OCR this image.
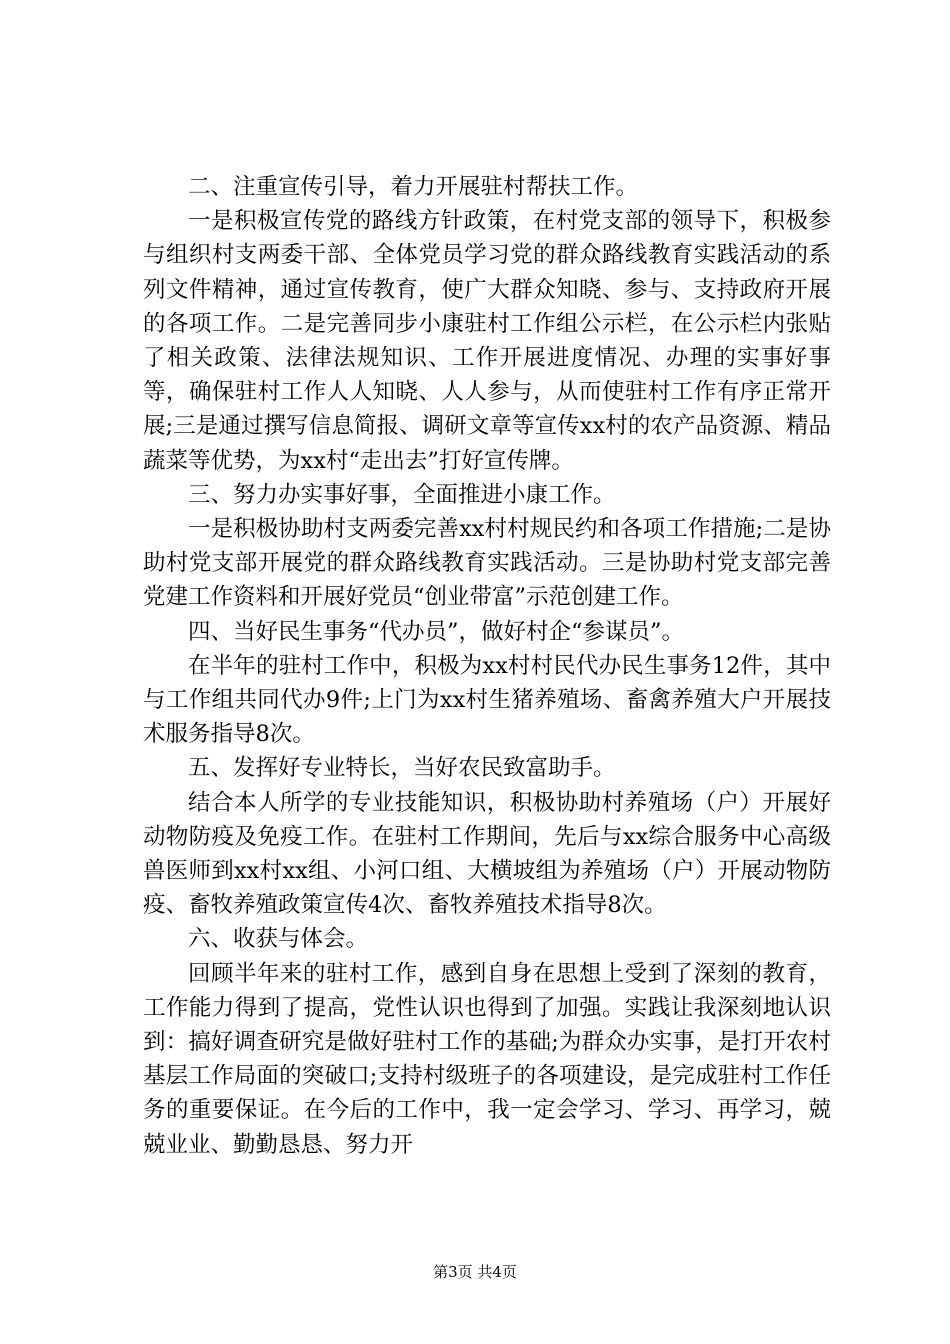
二、注重宣传引导，着力开展驻村帮扶工作。

一是积极宣传党的路线方针政策，在村党支部的领导下，积极参与组织村支两委干部、全体党员学习党的群众路线教育实践活动的系列文件精神，通过宣传教育，使广大群众知晓、参与、支持政府开展的各项工作。二是完善同步小康驻村工作组公示栏，在公示栏内张贴了相关政策、法律法规知识、工作开展进度情况、办理的实事好事等，确保驻村工作人人知晓、人人参与，从而使驻村工作有序正常开展;三是通过撰写信息简报、调研文章等宣传xx村的农产品资源、精品蔬菜等优势，为xx村“走出去”打好宣传牌。

三、努力办实事好事，全面推进小康工作。

一是积极协助村支两委完善xx村村规民约和各项工作措施;二是协助村党支部开展党的群众路线教育实践活动。三是协助村党支部完善党建工作资料和开展好党员“创业带富”示范创建工作。

四、当好民生事务“代办员”，做好村企“参谋员”。

在半年的驻村工作中，积极为xx村村民代办民生事务12件，其中与工作组共同代办9件;上门为xx村生猪养殖场、畜禽养殖大户开展技术服务指导8次。

五、发挥好专业特长，当好农民致富助手。

结合本人所学的专业技能知识，积极协助村养殖场（户）开展好动物防疫及免疫工作。在驻村工作期间，先后与xx综合服务中心高级兽医师到xx村xx组、小河口组、大横坡组为养殖场（户）开展动物防疫、畜牧养殖政策宣传4次、畜牧养殖技术指导8次。

六、收获与体会。

回顾半年来的驻村工作，感到自身在思想上受到了深刻的教育，工作能力得到了提高，党性认识也得到了加强。实践让我深刻地认识到：搞好调查研究是做好驻村工作的基础;为群众办实事，是打开农村基层工作局面的突破口;支持村级班子的各项建设，是完成驻村工作任务的重要保证。在今后的工作中，我一定会学习、学习、再学习，兢兢业业、勤勤恳恳、努力开

第3页 共4页
